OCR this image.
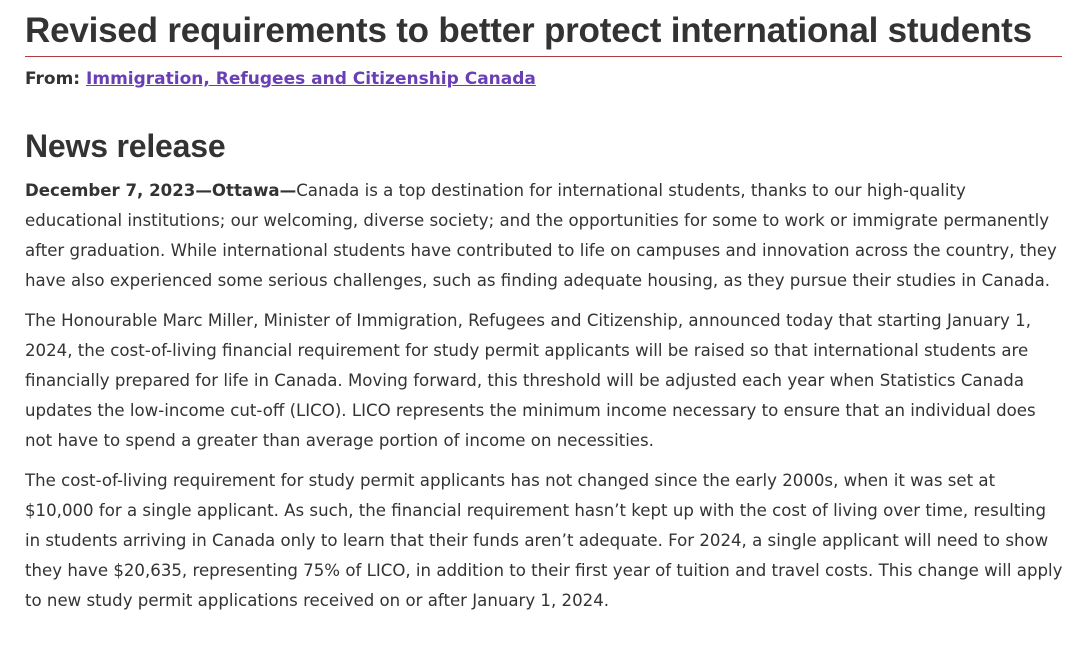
Revised requirements to better protect international students
From: Immigration, Refugees and Citizenship Canada
News release

December 7, 2023—Ottawa—Canada is a top destination for international students, thanks to our high-quality educational institutions; our welcoming, diverse society; and the opportunities for some to work or immigrate permanently after graduation. While international students have contributed to life on campuses and innovation across the country, they have also experienced some serious challenges, such as finding adequate housing, as they pursue their studies in Canada.

The Honourable Marc Miller, Minister of Immigration, Refugees and Citizenship, announced today that starting January 1, 2024, the cost-of-living financial requirement for study permit applicants will be raised so that international students are financially prepared for life in Canada. Moving forward, this threshold will be adjusted each year when Statistics Canada updates the low-income cut-off (LICO). LICO represents the minimum income necessary to ensure that an individual does not have to spend a greater than average portion of income on necessities.

The cost-of-living requirement for study permit applicants has not changed since the early 2000s, when it was set at $10,000 for a single applicant. As such, the financial requirement hasn’t kept up with the cost of living over time, resulting in students arriving in Canada only to learn that their funds aren’t adequate. For 2024, a single applicant will need to show they have $20,635, representing 75% of LICO, in addition to their first year of tuition and travel costs. This change will apply to new study permit applications received on or after January 1, 2024.
